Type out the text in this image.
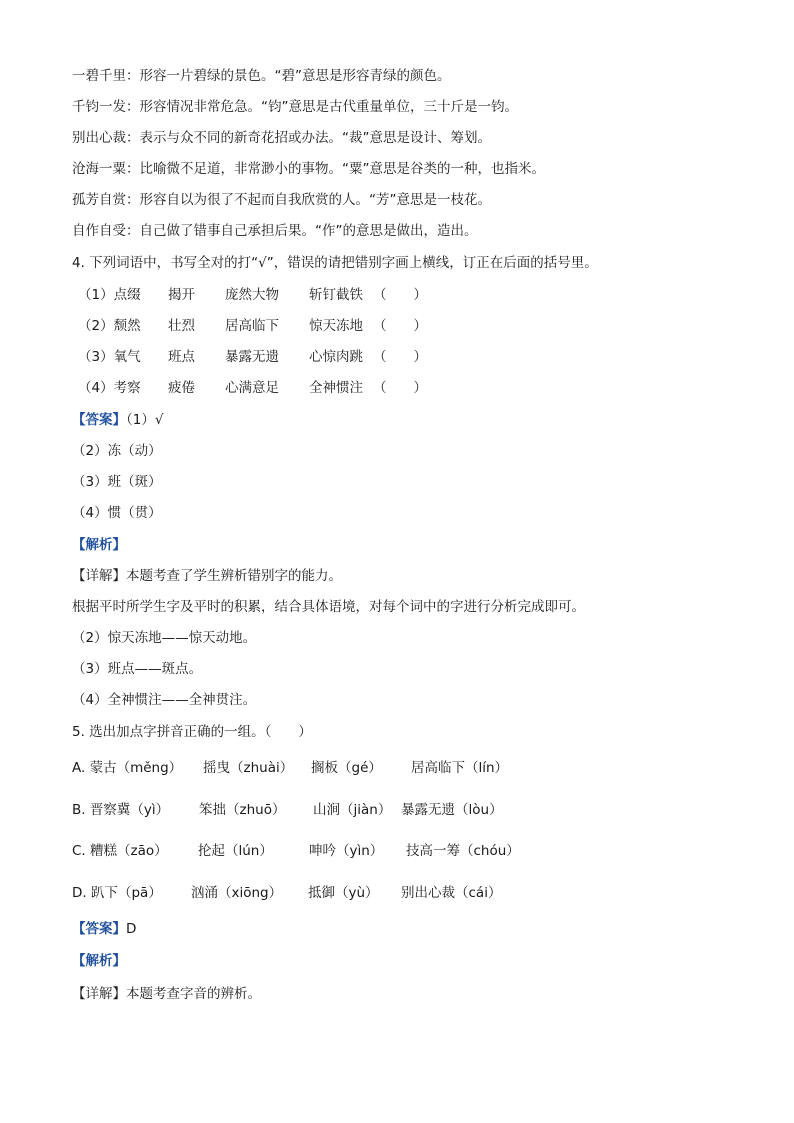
一碧千里：形容一片碧绿的景色。“碧”意思是形容青绿的颜色。
千钧一发：形容情况非常危急。“钧”意思是古代重量单位，三十斤是一钧。
别出心裁：表示与众不同的新奇花招或办法。“裁”意思是设计、筹划。
沧海一粟：比喻微不足道，非常渺小的事物。“粟”意思是谷类的一种，也指米。
孤芳自赏：形容自以为很了不起而自我欣赏的人。“芳”意思是一枝花。
自作自受：自己做了错事自己承担后果。“作”的意思是做出，造出。
4. 下列词语中，书写全对的打“√”，错误的请把错别字画上横线，订正在后面的括号里。
（1）点缀 揭开 庞然大物 斩钉截铁 （　　）
（2）颓然 壮烈 居高临下 惊天冻地 （　　）
（3）氧气 班点 暴露无遗 心惊肉跳 （　　）
（4）考察 疲倦 心满意足 全神惯注 （　　）
【答案】（1）√
（2）冻（动）
（3）班（斑）
（4）惯（贯）
【解析】
【详解】本题考查了学生辨析错别字的能力。
根据平时所学生字及平时的积累，结合具体语境，对每个词中的字进行分析完成即可。
（2）惊天冻地——惊天动地。
（3）班点——斑点。
（4）全神惯注——全神贯注。
5. 选出加点字拼音正确的一组。（　　）
A. 蒙古（měng） 摇曳（zhuài） 搁板（gé） 居高临下（lín）
B. 晋察冀（yì） 笨拙（zhuō） 山涧（jiàn） 暴露无遗（lòu）
C. 糟糕（zāo） 抡起（lún）	呻吟（yìn） 技高一筹（chóu）
D. 趴下（pā） 汹涌（xiōng） 抵御（yù） 别出心裁（cái）
【答案】D
【解析】
【详解】本题考查字音的辨析。
